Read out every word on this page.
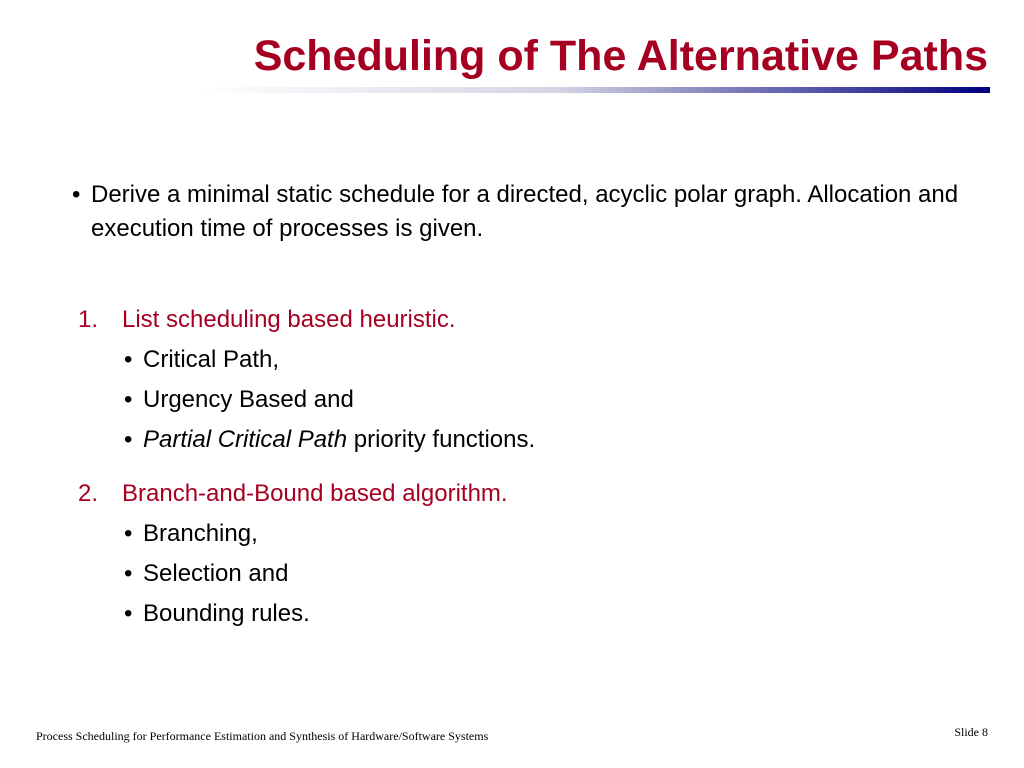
Scheduling of The Alternative Paths
• Derive a minimal static schedule for a directed, acyclic polar graph. Allocation and execution time of processes is given.
1. List scheduling based heuristic.
• Critical Path,
• Urgency Based and
• Partial Critical Path priority functions.
2. Branch-and-Bound based algorithm.
• Branching,
• Selection and
• Bounding rules.
Process Scheduling for Performance Estimation and Synthesis of Hardware/Software Systems	Slide 8
